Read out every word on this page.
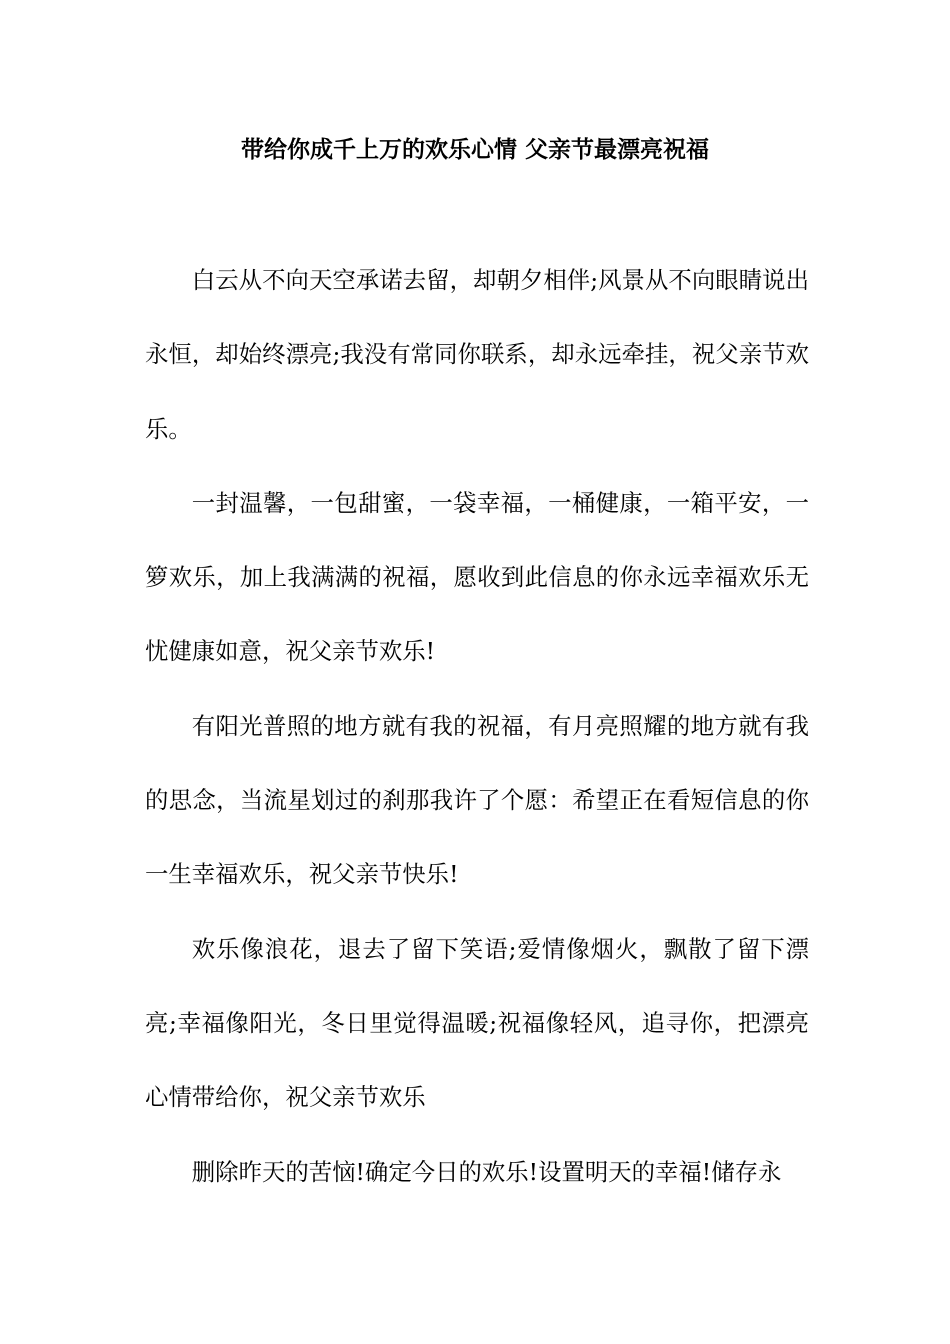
带给你成千上万的欢乐心情 父亲节最漂亮祝福

白云从不向天空承诺去留，却朝夕相伴;风景从不向眼睛说出永恒，却始终漂亮;我没有常同你联系，却永远牵挂，祝父亲节欢乐。

一封温馨，一包甜蜜，一袋幸福，一桶健康，一箱平安，一箩欢乐，加上我满满的祝福，愿收到此信息的你永远幸福欢乐无忧健康如意，祝父亲节欢乐!

有阳光普照的地方就有我的祝福，有月亮照耀的地方就有我的思念，当流星划过的刹那我许了个愿：希望正在看短信息的你一生幸福欢乐，祝父亲节快乐!

欢乐像浪花，退去了留下笑语;爱情像烟火，飘散了留下漂亮;幸福像阳光，冬日里觉得温暖;祝福像轻风，追寻你，把漂亮心情带给你，祝父亲节欢乐

删除昨天的苦恼!确定今日的欢乐!设置明天的幸福!储存永
